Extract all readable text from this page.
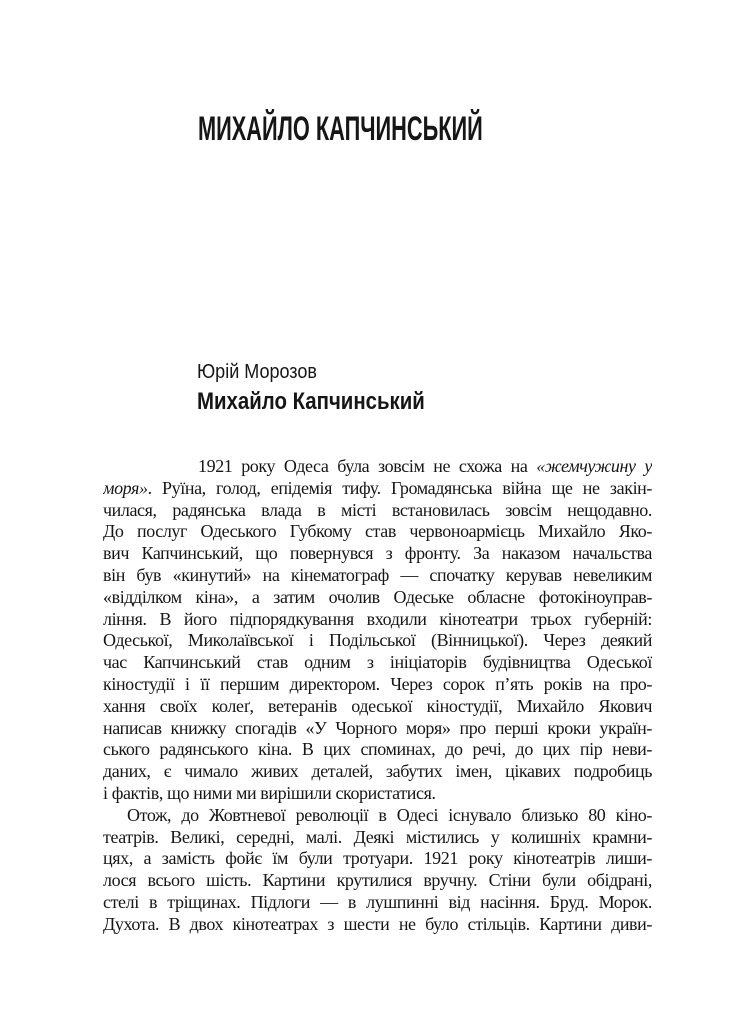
МИХАЙЛО КАПЧИНСЬКИЙ
Юрій Морозов
Михайло Капчинський
1921 року Одеса була зовсім не схожа на «жемчужину у
моря». Руїна, голод, епідемія тифу. Громадянська війна ще не закін-
чилася, радянська влада в місті встановилась зовсім нещодавно.
До послуг Одеського Губкому став червоноармієць Михайло Яко-
вич Капчинський, що повернувся з фронту. За наказом начальства
він був «кинутий» на кінематограф — спочатку керував невеликим
«відділком кіна», а затим очолив Одеське обласне фотокіноуправ-
ління. В його підпорядкування входили кінотеатри трьох губерній:
Одеської, Миколаївської і Подільської (Вінницької). Через деякий
час Капчинський став одним з ініціаторів будівництва Одеської
кіностудії і її першим директором. Через сорок п’ять років на про-
хання своїх колеґ, ветеранів одеської кіностудії, Михайло Якович
написав книжку спогадів «У Чорного моря» про перші кроки україн-
ського радянського кіна. В цих споминах, до речі, до цих пір неви-
даних, є чимало живих деталей, забутих імен, цікавих подробиць
і фактів, що ними ми вирішили скористатися.
Отож, до Жовтневої революції в Одесі існувало близько 80 кіно-
театрів. Великі, середні, малі. Деякі містились у колишніх крамни-
цях, а замість фойє їм були тротуари. 1921 року кінотеатрів лиши-
лося всього шість. Картини крутилися вручну. Стіни були обідрані,
стелі в тріщинах. Підлоги — в лушпинні від насіння. Бруд. Морок.
Духота. В двох кінотеатрах з шести не було стільців. Картини диви-
